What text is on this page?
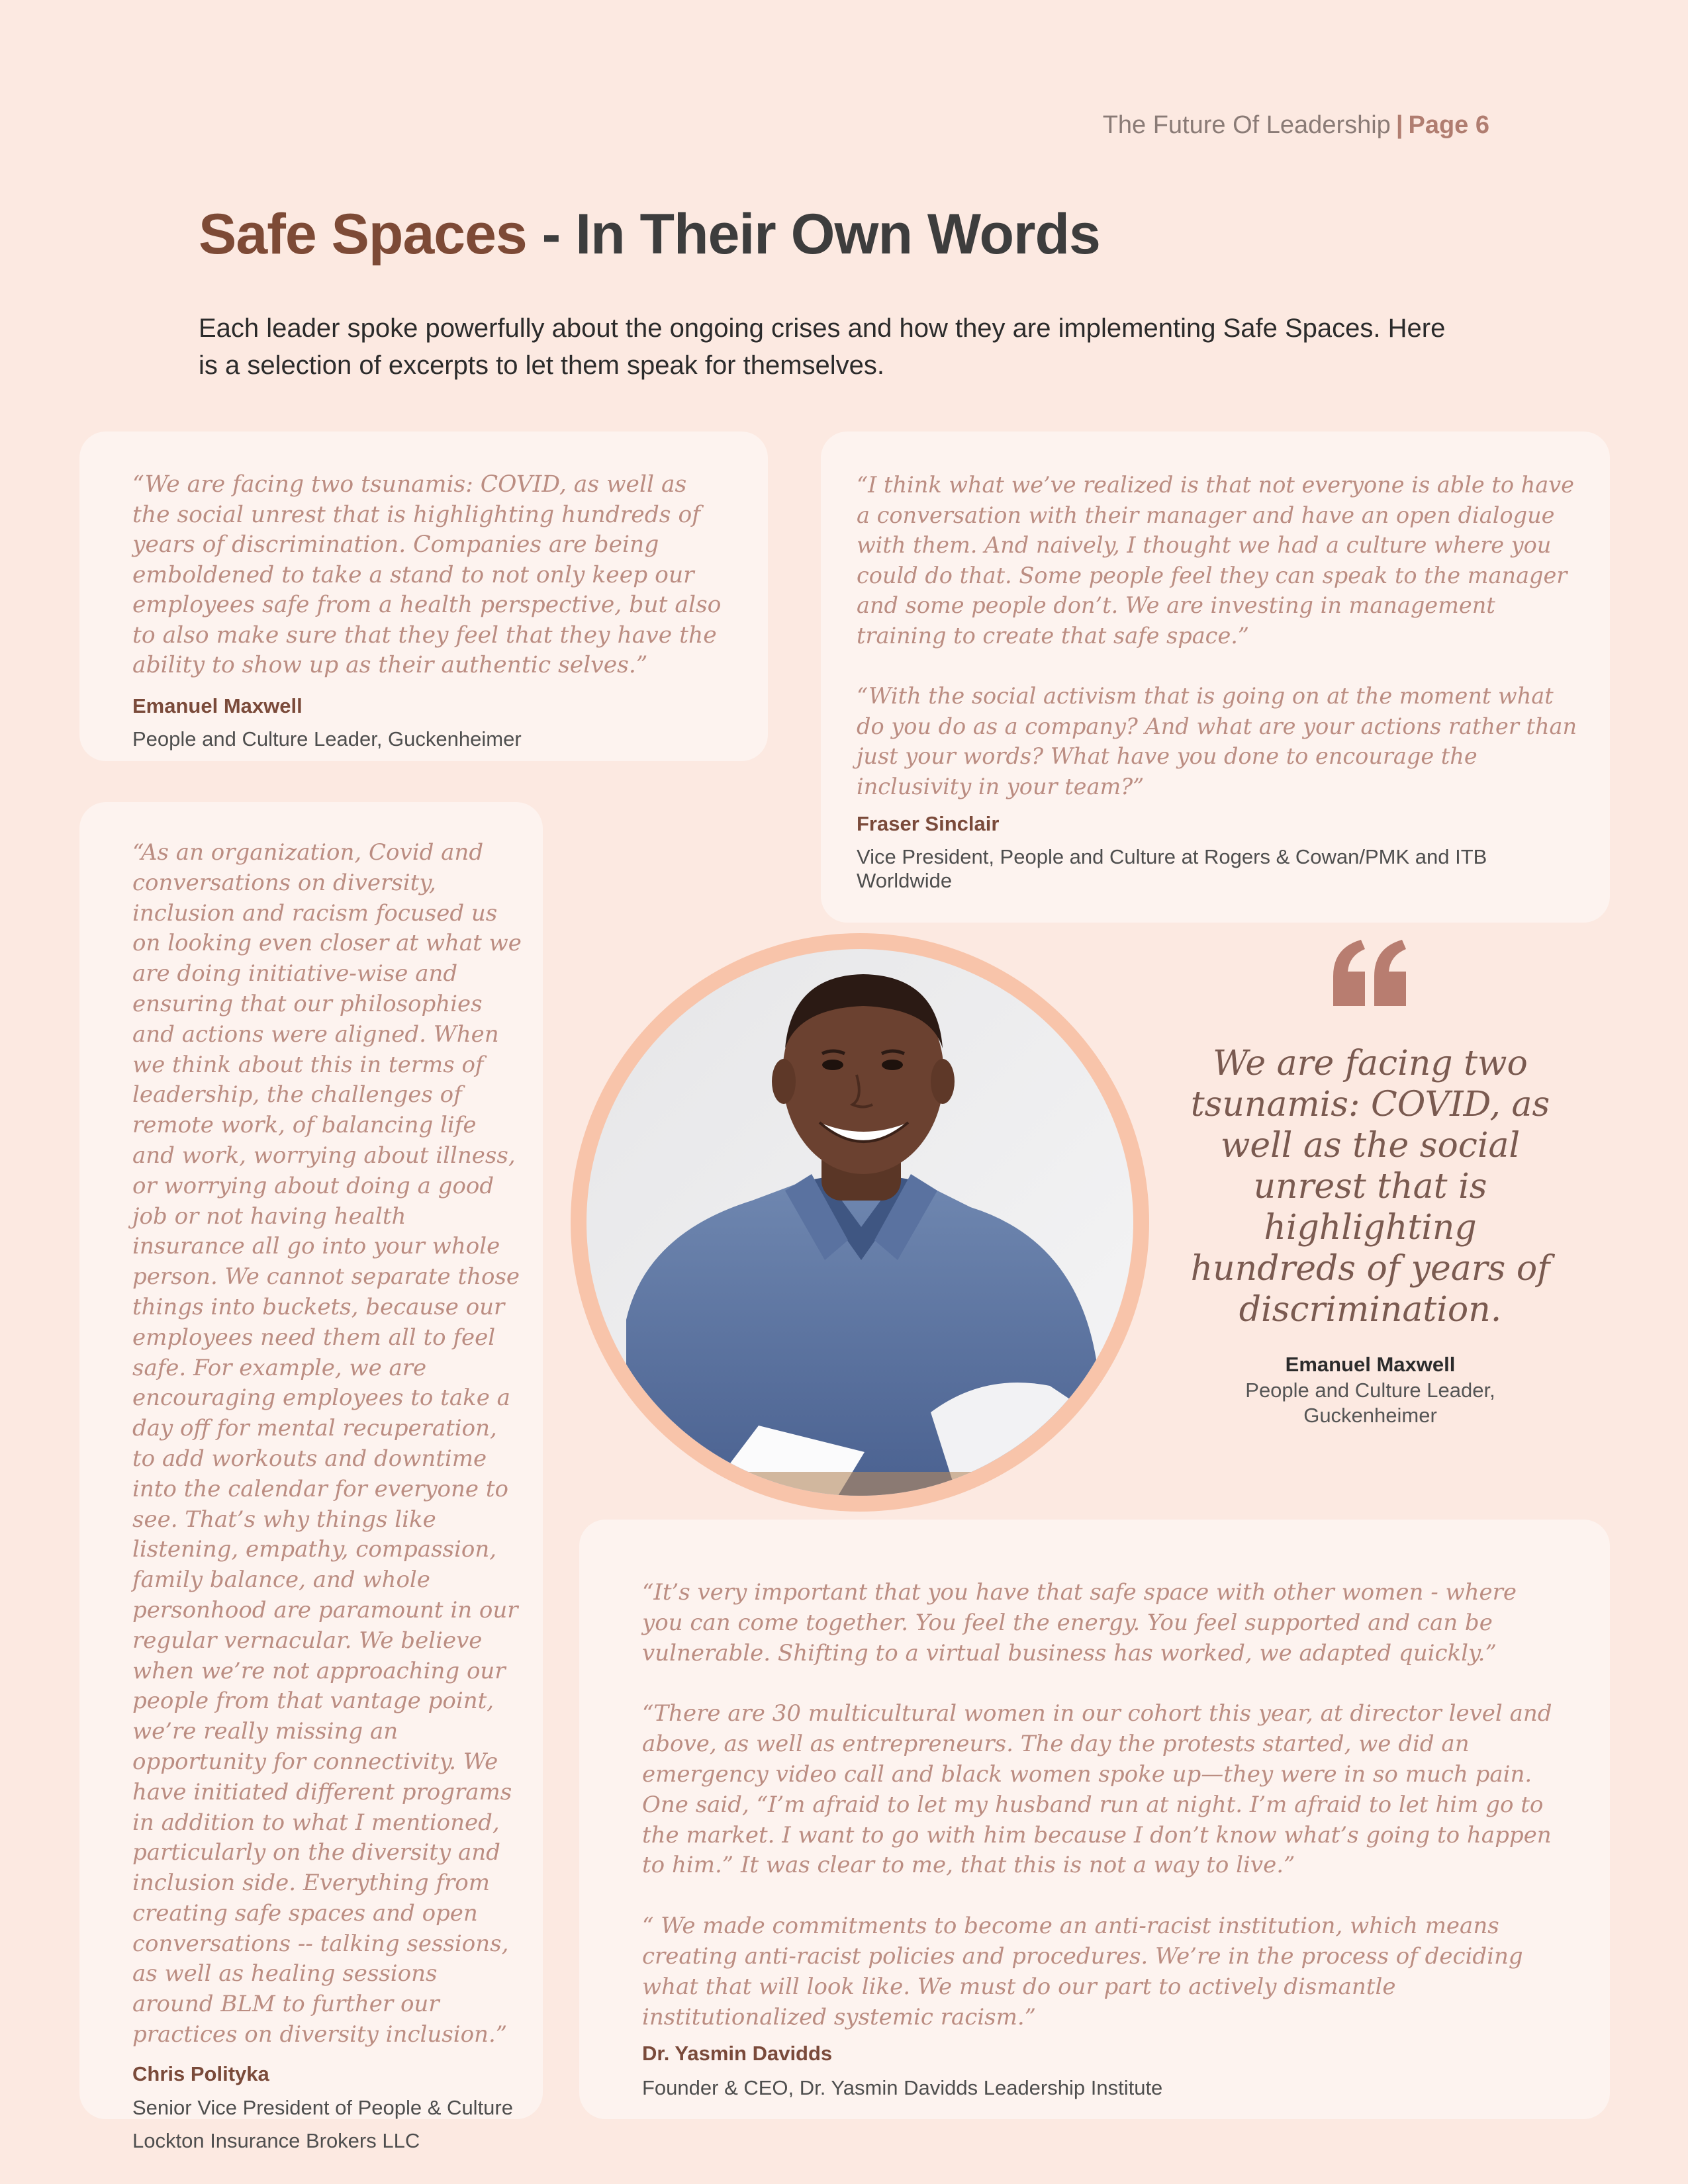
The Future Of Leadership | Page 6
Safe Spaces - In Their Own Words

Each leader spoke powerfully about the ongoing crises and how they are implementing Safe Spaces. Here is a selection of excerpts to let them speak for themselves.

“We are facing two tsunamis: COVID, as well as the social unrest that is highlighting hundreds of years of discrimination. Companies are being emboldened to take a stand to not only keep our employees safe from a health perspective, but also to also make sure that they feel that they have the ability to show up as their authentic selves.”

Emanuel Maxwell

People and Culture Leader, Guckenheimer

“I think what we’ve realized is that not everyone is able to have a conversation with their manager and have an open dialogue with them. And naively, I thought we had a culture where you could do that. Some people feel they can speak to the manager and some people don’t. We are investing in management training to create that safe space.”

“With the social activism that is going on at the moment what do you do as a company? And what are your actions rather than just your words? What have you done to encourage the inclusivity in your team?”

Fraser Sinclair

Vice President, People and Culture at Rogers & Cowan/PMK and ITB Worldwide

“As an organization, Covid and conversations on diversity, inclusion and racism focused us on looking even closer at what we are doing initiative-wise and ensuring that our philosophies and actions were aligned. When we think about this in terms of leadership, the challenges of remote work, of balancing life and work, worrying about illness, or worrying about doing a good job or not having health insurance all go into your whole person. We cannot separate those things into buckets, because our employees need them all to feel safe. For example, we are encouraging employees to take a day off for mental recuperation, to add workouts and downtime into the calendar for everyone to see. That’s why things like listening, empathy, compassion, family balance, and whole personhood are paramount in our regular vernacular. We believe when we’re not approaching our people from that vantage point, we’re really missing an opportunity for connectivity. We have initiated different programs in addition to what I mentioned, particularly on the diversity and inclusion side. Everything from creating safe spaces and open conversations -- talking sessions, as well as healing sessions around BLM to further our practices on diversity inclusion.”

Chris Polityka

Senior Vice President of People & Culture
Lockton Insurance Brokers LLC

We are facing two tsunamis: COVID, as well as the social unrest that is highlighting hundreds of years of discrimination.

Emanuel Maxwell

People and Culture Leader, Guckenheimer

“It’s very important that you have that safe space with other women - where you can come together. You feel the energy. You feel supported and can be vulnerable. Shifting to a virtual business has worked, we adapted quickly.”

“There are 30 multicultural women in our cohort this year, at director level and above, as well as entrepreneurs. The day the protests started, we did an emergency video call and black women spoke up—they were in so much pain. One said, “I’m afraid to let my husband run at night. I’m afraid to let him go to the market. I want to go with him because I don’t know what’s going to happen to him.” It was clear to me, that this is not a way to live.”

“ We made commitments to become an anti-racist institution, which means creating anti-racist policies and procedures. We’re in the process of deciding what that will look like. We must do our part to actively dismantle institutionalized systemic racism.”

Dr. Yasmin Davidds

Founder & CEO, Dr. Yasmin Davidds Leadership Institute
